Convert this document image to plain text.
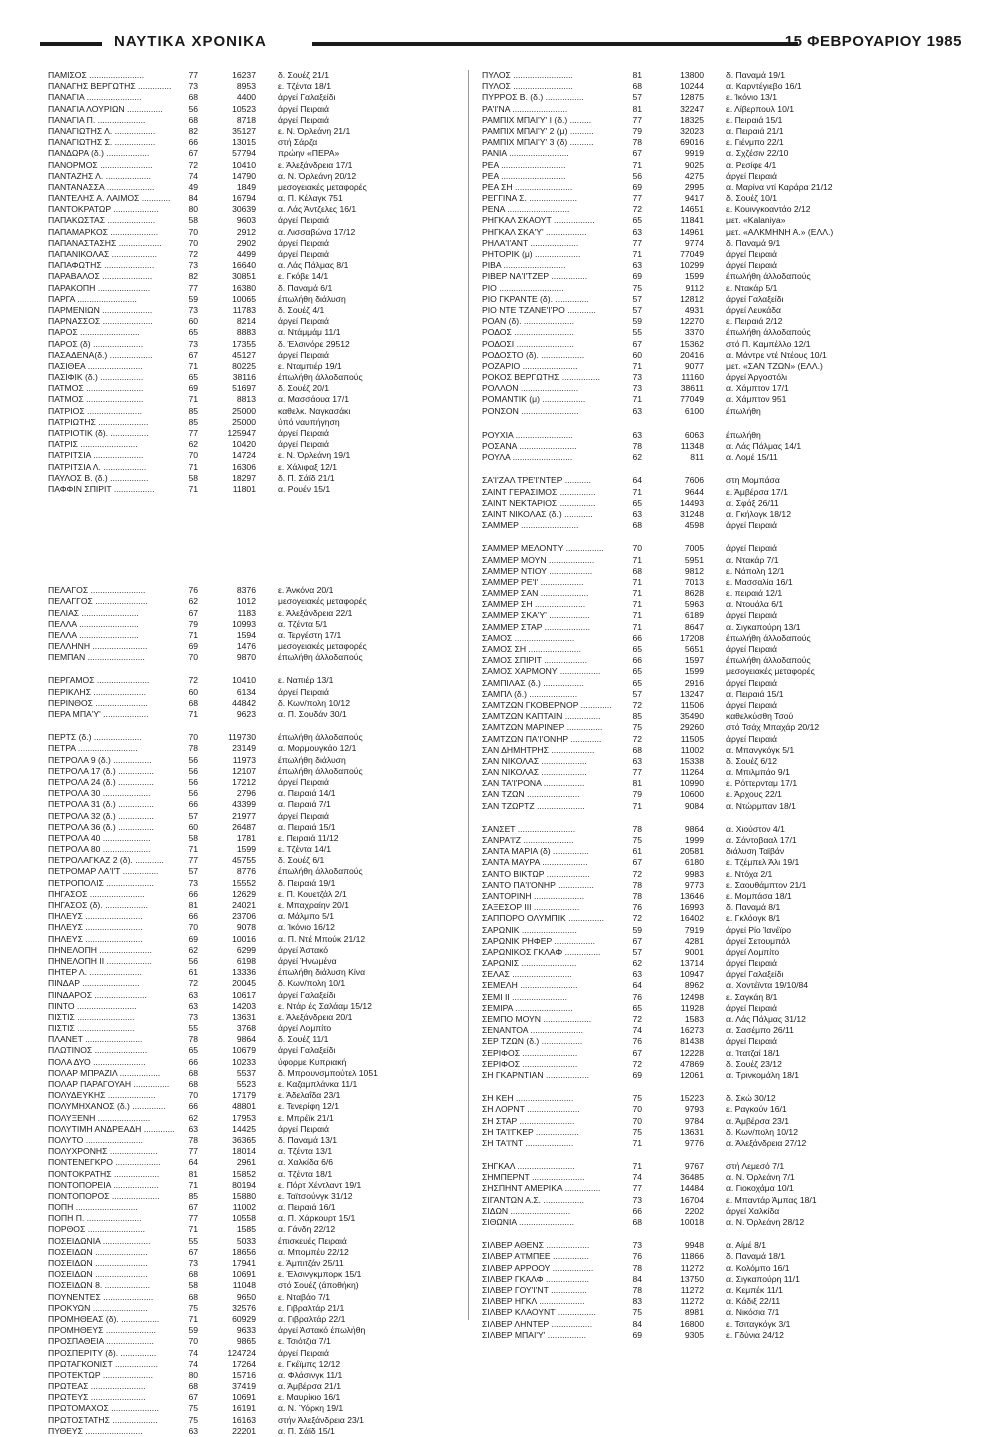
ΝΑΥΤΙΚΑ ΧΡΟΝΙΚΑ	15 ΦΕΒΡΟΥΑΡΙΟΥ 1985
ΠΑΜΙΣΟΣ .......................	77	16237	δ. Σουέζ 21/1
ΠΑΝΑΓΗΣ ΒΕΡΓΩΤΗΣ ..............	73	8953	ε. Τζέντα 18/1
ΠΑΝΑΓΙΑ .......................	68	4400	άργεί Γαλαξείδι
ΠΑΝΑΓΙΑ ΛΟΥΡΙΩΝ ...............	56	10523	άργεί Πειραιά
ΠΑΝΑΓΙΑ Π. ....................	68	8718	άργεί Πειραιά
ΠΑΝΑΓΙΩΤΗΣ Λ. .................	82	35127	ε. Ν. Όρλεάνη 21/1
ΠΑΝΑΓΙΩΤΗΣ Σ. .................	66	13015	στή Σάρζα
ΠΑΝΔΩΡΑ (δ.) ..................	67	57794	πρώην «ΠΕΡΑ»
ΠΑΝΟΡΜΟΣ ......................	72	10410	ε. Άλεξάνδρεια 17/1
ΠΑΝΤΑΖΗΣ Λ. ...................	74	14790	α. Ν. Όρλεάνη 20/12
ΠΑΝΤΑΝΑΣΣΑ ....................	49	1849	μεσογειακές μεταφορές
ΠΑΝΤΕΛΗΣ Α. ΛΑΙΜΟΣ ............	84	16794	α. Π. Κέλαγκ 751
ΠΑΝΤΟΚΡΑΤΩΡ ...................	80	30639	α. Λάς Άντζελες 16/1
ΠΑΠΑΚΩΣΤΑΣ ....................	58	9603	άργεί Πειραιά
ΠΑΠΑΜΑΡΚΟΣ ....................	70	2912	α. Λισσαβώνα 17/12
ΠΑΠΑΝΑΣΤΑΣΗΣ ..................	70	2902	άργεί Πειραιά
ΠΑΠΑΝΙΚΟΛΑΣ ...................	72	4499	άργεί Πειραιά
ΠΑΠΑΦΩΤΗΣ .....................	73	16640	α. Λάς Πάλμας 8/1
ΠΑΡΑΒΑΛΟΣ .....................	82	30851	ε. Γκόβε 14/1
ΠΑΡΑΚΟΠΗ ......................	77	16380	δ. Παναμά 6/1
ΠΑΡΓΑ .........................	59	10065	έπωλήθη διάλυση
ΠΑΡΜΕΝΙΩΝ .....................	73	11783	δ. Σουέζ 4/1
ΠΑΡΝΑΣΣΟΣ .....................	60	8214	άργεί Πειραιά
ΠΑΡΟΣ .........................	65	8883	α. Ντάμμάμ 11/1
ΠΑΡΟΣ (δ) .....................	73	17355	δ. Έλσινόρε 29512
ΠΑΣΑΔΕΝΑ(δ.) ..................	67	45127	άργεί Πειραιά
ΠΑΣΙΘΕΑ .......................	71	80225	ε. Νταμπιέρ 19/1
ΠΑΣΙΦΙΚ (δ.) ..................	65	38116	έπωλήθη άλλοδαπούς
ΠΑΤΜΟΣ ........................	69	51697	δ. Σουέζ 20/1
ΠΑΤΜΟΣ ........................	71	8813	α. Μασσάουα 17/1
ΠΑΤΡΙΟΣ .......................	85	25000	καθελκ. Ναγκασάκι
ΠΑΤΡΙΩΤΗΣ .....................	85	25000	ύπό ναυπήγηση
ΠΑΤΡΙΟΤΙΚ (δ). ................	77	125947	άργεί Πειραιά
ΠΑΤΡΙΣ ........................	62	10420	άργεί Πειραιά
ΠΑΤΡΙΤΣΙΑ .....................	70	14724	ε. Ν. Όρλεάνη 19/1
ΠΑΤΡΙΤΣΙΑ Λ. ..................	71	16306	ε. Χάλιφαξ 12/1
ΠΑΥΛΟΣ Β. (δ.) ................	58	18297	δ. Π. Σάϊδ 21/1
ΠΑΦΦΙΝ ΣΠΙΡΙΤ .................	71	11801	α. Ρουέν 15/1
ΠΕΛΑΓΟΣ .......................	76	8376	ε. Άνκόνα 20/1
ΠΕΛΑΓΓΟΣ ......................	62	1012	μεσογειακές μεταφορές
ΠΕΛΙΑΣ ........................	67	1183	ε. Άλεξάνδρεια 22/1
ΠΕΛΛΑ .........................	79	10993	α. Τζέντα 5/1
ΠΕΛΛΑ .........................	71	1594	α. Τεργέστη 17/1
ΠΕΛΛΗΝΗ .......................	69	1476	μεσογειακές μεταφορές
ΠΕΜΠΑΝ ........................	70	9870	έπωλήθη άλλοδαπούς
ΠΕΡΓΑΜΟΣ ......................	72	10410	ε. Ναπιέρ 13/1
ΠΕΡΙΚΛΗΣ ......................	60	6134	άργεί Πειραιά
ΠΕΡΙΝΘΟΣ ......................	68	44842	δ. Κων/πολη 10/12
ΠΕΡΑ ΜΠΑ'Υ' ...................	71	9623	α. Π. Σουδάν 30/1
ΠΕΡΤΣ (δ.) ....................	70	119730	έπωλήθη άλλοδαπούς
ΠΕΤΡΑ .........................	78	23149	α. Μορμουγκάο 12/1
ΠΕΤΡΟΛΑ 9 (δ.) ................	56	11973	έπωλήθη διάλυση
ΠΕΤΡΟΛΑ 17 (δ.) ...............	56	12107	έπωλήθη άλλοδαπούς
ΠΕΤΡΟΛΑ 24 (δ.) ...............	56	17212	άργεί Πειραιά
ΠΕΤΡΟΛΑ 30 ....................	56	2796	α. Πειραιά 14/1
ΠΕΤΡΟΛΑ 31 (δ.) ...............	66	43399	α. Πειραιά 7/1
ΠΕΤΡΟΛΑ 32 (δ.) ...............	57	21977	άργεί Πειραιά
ΠΕΤΡΟΛΑ 36 (δ.) ...............	60	26487	α. Πειραιά 15/1
ΠΕΤΡΟΛΑ 40 ....................	58	1781	ε. Πειραιά 11/12
ΠΕΤΡΟΛΑ 80 ....................	71	1599	ε. Τζέντα 14/1
ΠΕΤΡΟΛΑΓΚΑΖ 2 (δ). ............	77	45755	δ. Σουέζ 6/1
ΠΕΤΡΟΜΑΡ ΛΑ'Ι'Τ ...............	57	8776	έπωλήθη άλλοδαπούς
ΠΕΤΡΟΠΟΛΙΣ ....................	73	15552	δ. Πειραιά 19/1
ΠΗΓΑΣΟΣ .......................	66	12629	ε. Π. Κουετζάλ 2/1
ΠΗΓΑΣΟΣ (δ). ..................	81	24021	ε. Μπαχραίην 20/1
ΠΗΛΕΥΣ ........................	66	23706	α. Μάλμπο 5/1
ΠΗΛΕΥΣ ........................	70	9078	α. Ίκόνιο 16/12
ΠΗΛΕΥΣ ........................	69	10016	α. Π. Ντέ Μπούκ 21/12
ΠΗΝΕΛΟΠΗ ......................	62	6299	άργεί Άστακό
ΠΗΝΕΛΟΠΗ ΙΙ ...................	56	6198	άργεί Ήνωμένα
ΠΗΤΕΡ Λ. ......................	61	13336	έπωλήθη διάλυση Κίνα
ΠΙΝΔΑΡ ........................	72	20045	δ. Κων/πολη 10/1
ΠΙΝΔΑΡΟΣ ......................	63	10617	άργεί Γαλαξείδι
ΠΙΝΤΟ .........................	63	14203	ε. Ντάρ ές Σαλάαμ 15/12
ΠΙΣΤΙΣ ........................	73	13631	ε. Άλεξάνδρεια 20/1
ΠΙΣΤΙΣ ........................	55	3768	άργεί Λομπίτο
ΠΛΑΝΕΤ ........................	78	9864	δ. Σουέζ 11/1
ΠΛΩΤΙΝΟΣ ......................	65	10679	άργεί Γαλαξείδι
ΠΟΛΑ ΔΥΟ ......................	66	10233	ύφορμε Κυπριακή
ΠΟΛΑΡ ΜΠΡΑΖΙΛ .................	68	5537	δ. Μπρουνσμπούτελ 1051
ΠΟΛΑΡ ΠΑΡΑΓΟΥΑΗ ...............	68	5523	ε. Καζαμπλάνκα 11/1
ΠΟΛΥΔΕΥΚΗΣ ....................	70	17179	ε. Άδελαΐδα 23/1
ΠΟΛΥΜΗΧΑΝΟΣ (δ.) ..............	66	48801	ε. Τενερίφη 12/1
ΠΟΛΥΞΕΝΗ ......................	62	17953	ε. Μπρέϊκ 21/1
ΠΟΛΥΤΙΜΗ ΑΝΔΡΕΑΔΗ .............	63	14425	άργεί Πειραιά
ΠΟΛΥΤΟ ........................	78	36365	δ. Παναμά 13/1
ΠΟΛΥΧΡΟΝΗΣ ....................	77	18014	α. Τζέντα 13/1
ΠΟΝΤΕΝΕΓΚΡΟ ...................	64	2961	α. Χαλκίδα 6/6
ΠΟΝΤΟΚΡΑΤΗΣ ...................	81	15852	α. Τζέντα 18/1
ΠΟΝΤΟΠΟΡΕΙΑ ...................	71	80194	ε. Πόρτ Χέντλαντ 19/1
ΠΟΝΤΟΠΟΡΟΣ ....................	85	15880	ε. Ταϊτσούνγκ 31/12
ΠΟΠΗ ..........................	67	11002	α. Πειραιά 16/1
ΠΟΠΗ Π. .......................	77	10558	α. Π. Χάρκουρτ 15/1
ΠΟΡΘΟΣ ........................	71	1585	α. Γάνδη 22/12
ΠΟΣΕΙΔΩΝΙΑ ....................	55	5033	έπισκευές Πειραιά
ΠΟΣΕΙΔΩΝ ......................	67	18656	α. Μπομπέυ 22/12
ΠΟΣΕΙΔΩΝ ......................	73	17941	ε. Άμπιτζάν 25/11
ΠΟΣΕΙΔΩΝ ......................	68	10691	ε. Έλσινγκμπορκ 15/1
ΠΟΣΕΙΔΩΝ 8. ...................	58	11048	στό Σουέζ (άποθήκη)
ΠΟΥΝΕΝΤΕΣ .....................	68	9650	ε. Νταβάο 7/1
ΠΡΟΚΥΩΝ .......................	75	32576	ε. Γιβραλτάρ 21/1
ΠΡΟΜΗΘΕΑΣ (δ). ................	71	60929	α. Γιβραλτάρ 22/1
ΠΡΟΜΗΘΕΥΣ .....................	59	9633	άργεί Άστακό έπωλήθη
ΠΡΟΣΠΑΘΕΙΑ ....................	70	9865	ε. Τσιότζια 7/1
ΠΡΟΣΠΕΡΙΤΥ (δ). ...............	74	124724	άργεί Πειραιά
ΠΡΩΤΑΓΚΟΝΙΣΤ ..................	74	17264	ε. Γκέϊμπς 12/12
ΠΡΟΤΕΚΤΩΡ .....................	80	15716	α. Φλάσινγκ 11/1
ΠΡΩΤΕΑΣ .......................	68	37419	α. Άμβέρσα 21/1
ΠΡΩΤΕΥΣ .......................	67	10691	ε. Μαυρίκιο 16/1
ΠΡΩΤΟΜΑΧΟΣ ....................	75	16191	α. Ν. Ύόρκη 19/1
ΠΡΩΤΟΣΤΑΤΗΣ ...................	75	16163	στήν Άλεξάνδρεια 23/1
ΠΥΘΕΥΣ ........................	63	22201	α. Π. Σάϊδ 15/1
ΠΥΛΟΣ .........................	81	13800	δ. Παναμά 19/1
ΠΥΛΟΣ .........................	68	10244	α. Καρντέγιεβο 16/1
ΠΥΡΡΟΣ Β. (δ.) ................	57	12875	ε. Ίκόνιο 13/1
ΡΑ'Ι'ΝΑ .......................	81	32247	ε. Λίβερπουλ 10/1
ΡΑΜΠΙΧ ΜΠΑΙ'Υ' Ι (δ.) .........	77	18325	ε. Πειραιά 15/1
ΡΑΜΠΙΧ ΜΠΑΙ'Υ' 2 (μ) ..........	79	32023	α. Πειραιά 21/1
ΡΑΜΠΙΧ ΜΠΑΙ'Υ' 3 (δ) ..........	78	69016	ε. Γιένμπο 22/1
ΡΑΝΙΑ .........................	67	9919	α. Σχζέσιν 22/10
ΡΕΑ ...........................	71	9025	α. Ρεσίφε 4/1
ΡΕΑ ...........................	56	4275	άργεί Πειραιά
ΡΕΑ ΣΗ ........................	69	2995	α. Μαρίνα ντί Καράρα 21/12
ΡΕΓΓΙΝΑ Σ. ....................	77	9417	δ. Σουέζ 10/1
ΡΕΝΑ ..........................	72	14651	ε. Κουινγκοαντάο 2/12
ΡΗΓΚΑΛ ΣΚΑΟΥΤ .................	65	11841	μετ. «Kalaniya»
ΡΗΓΚΑΛ ΣΚΑ'Υ' .................	63	14961	μετ. «ΑΛΚΜΗΝΗ Α.» (ΕΛΛ.)
ΡΗΛΑ'Ι'ΑΝΤ ....................	77	9774	δ. Παναμά 9/1
ΡΗΤΟΡΙΚ (μ) ...................	71	77049	άργεί Πειραιά
ΡΙΒΑ ..........................	63	10299	άργεί Πειραιά
ΡΙΒΕΡ ΝΑ'Ι'ΤΖΕΡ ...............	69	1599	έπωλήθη άλλοδαπούς
ΡΙΟ ...........................	75	9112	ε. Ντακάρ 5/1
ΡΙΟ ΓΚΡΑΝΤΕ (δ). ..............	57	12812	άργεί Γαλαξείδι
ΡΙΟ ΝΤΕ ΤΖΑΝΕ'Ι'ΡΟ ............	57	4931	άργεί Λευκάδα
ΡΟΑΝ (δ). .....................	59	12270	ε. Πειραιά 2/12
ΡΟΔΟΣ .........................	55	3370	έπωλήθη άλλοδαπούς
ΡΟΔΟΣΙ ........................	67	15362	στό Π. Καμπέλλο 12/1
ΡΟΔΟΣΤΟ (δ). ..................	60	20416	α. Μάντρε ντέ Ντέους 10/1
ΡΟΖΑΡΙΟ .......................	71	9077	μετ. «ΣΑΝ ΤΖΩΝ» (ΕΛΛ.)
ΡΟΚΟΣ ΒΕΡΓΩΤΗΣ ................	73	11160	άργεί Άργοστόλι
ΡΟΛΛΟΝ ........................	73	38611	α. Χάμπτον 17/1
ΡΟΜΑΝΤΙΚ (μ) ..................	71	77049	α. Χάμπτον 951
ΡΟΝΣΟΝ ........................	63	6100	έπωλήθη
ΡΟΥΧΙΑ ........................	63	6063	έπωλήθη
ΡΟΣΑΝΑ ........................	78	11348	α. Λάς Πάλμας 14/1
ΡΟΥΛΑ .........................	62	811	α. Λομέ 15/11
ΣΑ'Ι'ΖΑΛ ΤΡΕ'Ι'ΝΤΕΡ ...........	64	7606	στη Μομπάσα
ΣΑΙΝΤ ΓΕΡΑΣΙΜΟΣ ...............	71	9644	ε. Άμβέρσα 17/1
ΣΑΙΝΤ ΝΕΚΤΑΡΙΟΣ ...............	65	14493	α. Σφάξ 26/11
ΣΑΙΝΤ ΝΙΚΟΛΑΣ (δ.) ............	63	31248	α. Γκήλογκ 18/12
ΣΑΜΜΕΡ ........................	68	4598	άργεί Πειραιά
ΣΑΜΜΕΡ ΜΕΛΟΝΤΥ ................	70	7005	άργεί Πειραιά
ΣΑΜΜΕΡ ΜΟΥΝ ...................	71	5951	α. Ντακάρ 7/1
ΣΑΜΜΕΡ ΝΤΙΟΥ ..................	68	9812	ε. Νάπολη 12/1
ΣΑΜΜΕΡ ΡΕ'Ι' ..................	71	7013	ε. Μασσαλία 16/1
ΣΑΜΜΕΡ ΣΑΝ ....................	71	8628	ε. πειραιά 12/1
ΣΑΜΜΕΡ ΣΗ .....................	71	5963	α. Ντουάλα 6/1
ΣΑΜΜΕΡ ΣΚΑ'Υ' .................	71	6189	άργεί Πειραιά
ΣΑΜΜΕΡ ΣΤΑΡ ...................	71	8647	α. Σιγκαπούρη 13/1
ΣΑΜΟΣ .........................	66	17208	έπωλήθη άλλοδαπούς
ΣΑΜΟΣ ΣΗ ......................	65	5651	άργεί Πειραιά
ΣΑΜΟΣ ΣΠΙΡΙΤ ..................	66	1597	έπωλήθη άλλοδαπούς
ΣΑΜΟΣ ΧΑΡΜΟΝΥ .................	65	1599	μεσογειακές μεταφορές
ΣΑΜΠΙΛΑΣ (δ.) .................	65	2916	άργεί Πειραιά
ΣΑΜΠΛ (δ.) ....................	57	13247	α. Πειραιά 15/1
ΣΑΜΤΖΩΝ ΓΚΟΒΕΡΝΟΡ .............	72	11506	άργεί Πειραιά
ΣΑΜΤΖΩΝ ΚΑΠΤΑΙΝ ...............	85	35490	καθελκύσθη Τσού
ΣΑΜΤΖΩΝ ΜΑΡΙΝΕΡ ...............	75	29260	στό Τσάχ Μπαχάρ 20/12
ΣΑΜΤΖΩΝ ΠΑ'Ι'ΟΝΗΡ .............	72	11505	άργεί Πειραιά
ΣΑΝ ΔΗΜΗΤΡΗΣ ..................	68	11002	α. Μπανγκόγκ 5/1
ΣΑΝ ΝΙΚΟΛΑΣ ...................	63	15338	δ. Σουέζ 6/12
ΣΑΝ ΝΙΚΟΛΑΣ ...................	77	11264	α. Μπιλμπάο 9/1
ΣΑΝ ΤΑ'Ι'ΡΟΝΑ .................	81	10990	ε. Ρόττερνταμ 17/1
ΣΑΝ ΤΖΩΝ ......................	79	10600	ε. Άρχους 22/1
ΣΑΝ ΤΖΩΡΤΖ ....................	71	9084	α. Ντώρμπαν 18/1
ΣΑΝΣΕΤ ........................	78	9864	α. Χιούστον 4/1
ΣΑΝΡΑ'Ι'Ζ .....................	75	1999	α. Σάντοβααλ 17/1
ΣΑΝΤΑ ΜΑΡΙΑ (δ) ...............	61	20581	διάλυση Ταϊβάν
ΣΑΝΤΑ ΜΑΥΡΑ ...................	67	6180	ε. Τζέμπελ Άλι 19/1
ΣΑΝΤΟ ΒΙΚΤΩΡ ..................	72	9983	ε. Ντόχα 2/1
ΣΑΝΤΟ ΠΑ'Ι'ΟΝΗΡ ...............	78	9773	ε. Σαουθάμπτον 21/1
ΣΑΝΤΟΡΙΝΗ .....................	78	13646	ε. Μομπάσα 18/1
ΣΑΞΕΣΟΡ ΙΙΙ ...................	76	16993	δ. Παναμά 8/1
ΣΑΠΠΟΡΟ ΟΛΥΜΠΙΚ ...............	72	16402	ε. Γκλόογκ 8/1
ΣΑΡΩΝΙΚ .......................	59	7919	άργεί Ρίο Ίανέϊρο
ΣΑΡΩΝΙΚ ΡΗΦΕΡ .................	67	4281	άργεί Σετουμπάλ
ΣΑΡΩΝΙΚΟΣ ΓΚΛΑΦ ...............	57	9001	άργεί Λομπίτο
ΣΑΡΩΝΙΣ .......................	62	13714	άργεί Πειραιά
ΣΕΛΑΣ .........................	63	10947	άργεί Γαλαξείδι
ΣΕΜΕΛΗ ........................	64	8962	α. Χοντέϊντα 19/10/84
ΣΕΜΙ ΙΙ .......................	76	12498	ε. Σαγκάη 8/1
ΣΕΜΙΡΑ ........................	65	11928	άργεί Πειραιά
ΣΕΜΠΟ ΜΟΥΝ ....................	72	1583	α. Λάς Πάλμας 31/12
ΣΕΝΑΝΤΟΑ ......................	74	16273	α. Σασέμπο 26/11
ΣΕΡ ΤΖΩΝ (δ.) .................	76	81438	άργεί Πειραιά
ΣΕΡΙΦΟΣ .......................	67	12228	α. Ίτατζαί 18/1
ΣΕΡΙΦΟΣ .......................	72	47869	δ. Σουέζ 23/12
ΣΗ ΓΚΑΡΝΤΙΑΝ ..................	69	12061	α. Τρινκομάλη 18/1
ΣΗ ΚΕΗ ........................	75	15223	δ. Σκώ 30/12
ΣΗ ΛΟΡΝΤ ......................	70	9793	ε. Ραγκούν 16/1
ΣΗ ΣΤΑΡ .......................	70	9784	α. Άμβέρσα 23/1
ΣΗ ΤΑ'Ι'ΓΚΕΡ ..................	75	13631	δ. Κων/πολη 10/12
ΣΗ ΤΑ'Ι'ΝΤ ....................	71	9776	α. Άλεξάνδρεια 27/12
ΣΗΓΚΑΛ ........................	71	9767	στή Λεμεσό 7/1
ΣΗΜΠΕΡΝΤ ......................	74	36485	α. Ν. Όρλεάνη 7/1
ΣΗΣΠΗΝΤ ΑΜΕΡΙΚΑ ...............	77	14484	α. Γιοκοχάμα 10/1
ΣΙΓΑΝΤΩΝ Α.Σ. .................	73	16704	ε. Μπαντάρ Άμπας 18/1
ΣΙΔΩΝ .........................	66	2202	άργεί Χαλκίδα
ΣΙΘΩΝΙΑ .......................	68	10018	α. Ν. Όρλεάνη 28/12
ΣΙΛΒΕΡ ΑΘΕΝΣ ..................	73	9948	α. Αίμέ 8/1
ΣΙΛΒΕΡ Α'Ι'ΜΠΕΕ ...............	76	11866	δ. Παναμά 18/1
ΣΙΛΒΕΡ ΑΡΡΟΟΥ .................	78	11272	α. Κολόμπο 16/1
ΣΙΛΒΕΡ ΓΚΑΛΦ ..................	84	13750	α. Σιγκαπούρη 11/1
ΣΙΛΒΕΡ ΓΟΥ'Ι'ΝΤ ...............	78	11272	α. Κεμπέκ 11/1
ΣΙΛΒΕΡ ΗΓΚΛ ...................	83	11272	α. Κάδιξ 22/11
ΣΙΛΒΕΡ ΚΛΑΟΥΝΤ ................	75	8981	α. Νικόσια 7/1
ΣΙΛΒΕΡ ΛΗΝΤΕΡ .................	84	16800	ε. Τσιταγκόγκ 3/1
ΣΙΛΒΕΡ ΜΠΑΙ'Υ' ................	69	9305	ε. Γδύνια 24/12
